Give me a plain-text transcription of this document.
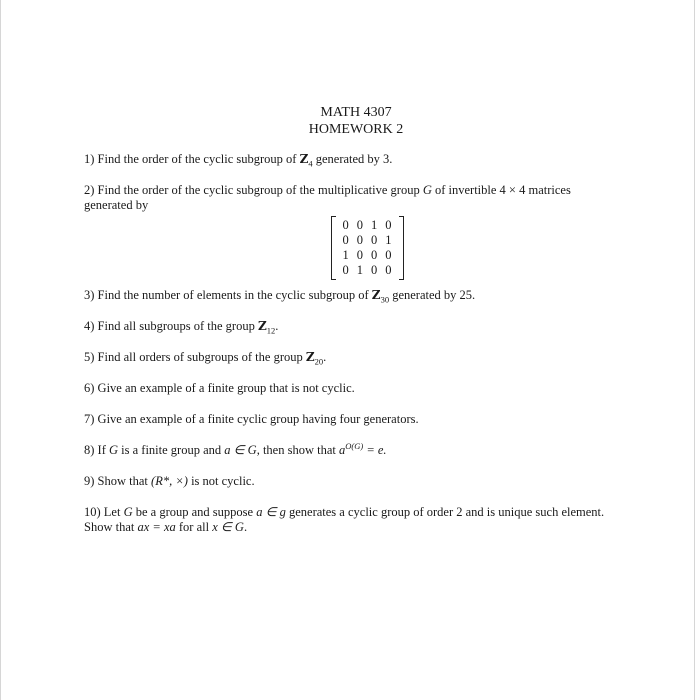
MATH 4307
HOMEWORK 2
1) Find the order of the cyclic subgroup of $Z_4$ generated by 3.
2) Find the order of the cyclic subgroup of the multiplicative group G of invertible 4 × 4 matrices generated by
0	0	1	0
0	0	0	1
1	0	0	0
0	1	0	0
3) Find the number of elements in the cyclic subgroup of $Z_{30}$ generated by 25.
4) Find all subgroups of the group $Z_{12}$.
5) Find all orders of subgroups of the group $Z_{20}$.
6) Give an example of a finite group that is not cyclic.
7) Give an example of a finite cyclic group having four generators.
8) If G is a finite group and a ∈ G, then show that $a^{O(G)} = e$.
9) Show that (R*, ×) is not cyclic.
10) Let G be a group and suppose a ∈ g generates a cyclic group of order 2 and is unique such element. Show that ax = xa for all x ∈ G.
